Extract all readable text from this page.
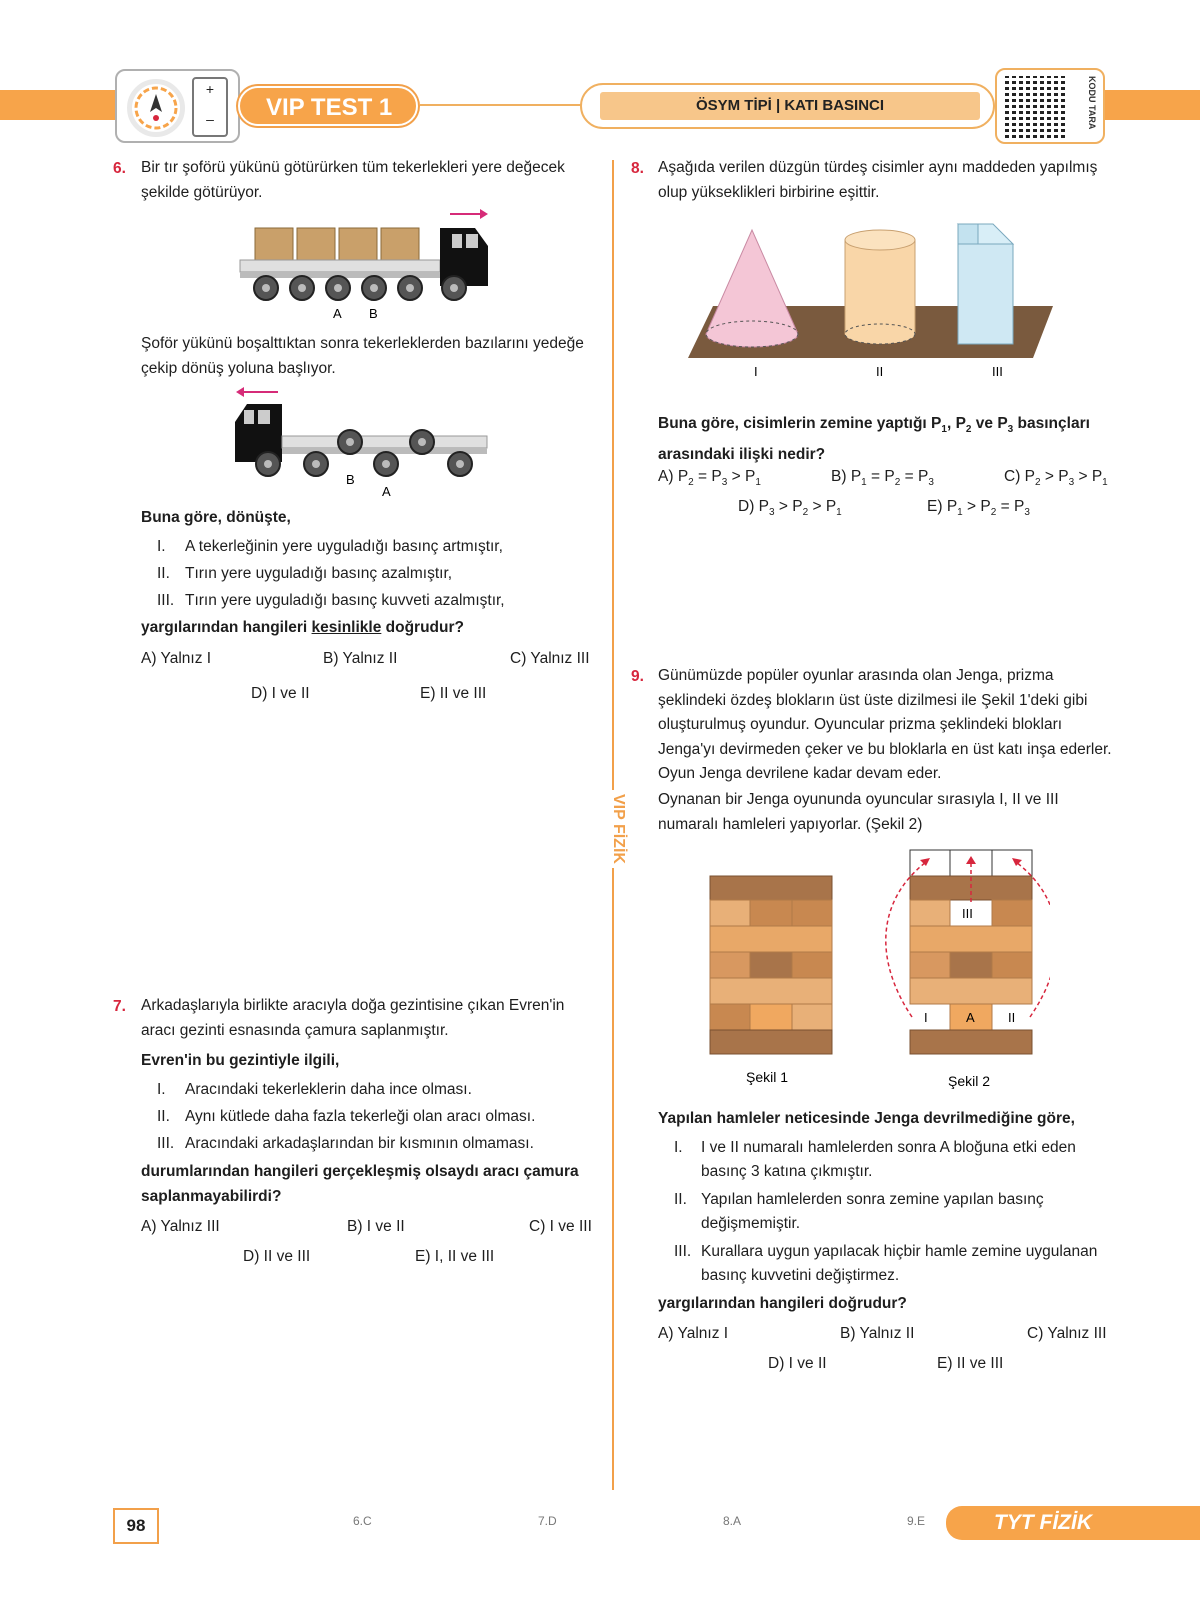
+
–	VIP TEST 1	ÖSYM TİPİ | KATI BASINCI	KODU TARA
VIP FİZİK
6. Bir tır şoförü yükünü götürürken tüm tekerlekleri yere değecek şekilde götürüyor.
A B
Şoför yükünü boşalttıktan sonra tekerleklerden bazılarını yedeğe çekip dönüş yoluna başlıyor.
B
A
Buna göre, dönüşte,
I. A tekerleğinin yere uyguladığı basınç artmıştır,
II. Tırın yere uyguladığı basınç azalmıştır,
III. Tırın yere uyguladığı basınç kuvveti azalmıştır,
yargılarından hangileri kesinlikle doğrudur?
A) Yalnız I	B) Yalnız II	C) Yalnız III
D) I ve II	E) II ve III
7. Arkadaşlarıyla birlikte aracıyla doğa gezintisine çıkan Evren'in aracı gezinti esnasında çamura saplanmıştır.
Evren'in bu gezintiyle ilgili,
I. Aracındaki tekerleklerin daha ince olması.
II. Aynı kütlede daha fazla tekerleği olan aracı olması.
III. Aracındaki arkadaşlarından bir kısmının olmaması.
durumlarından hangileri gerçekleşmiş olsaydı aracı çamura saplanmayabilirdi?
A) Yalnız III	B) I ve II	C) I ve III
D) II ve III	E) I, II ve III
8. Aşağıda verilen düzgün türdeş cisimler aynı maddeden yapılmış olup yükseklikleri birbirine eşittir.
I	II	III
Buna göre, cisimlerin zemine yaptığı $P_1$, $P_2$ ve $P_3$ basınçları arasındaki ilişki nedir?
A) $P_2 = P_3 > P_1$	B) $P_1 = P_2 = P_3$	C) $P_2 > P_3 > P_1$
D) $P_3 > P_2 > P_1$	E) $P_1 > P_2 = P_3$
9. Günümüzde popüler oyunlar arasında olan Jenga, prizma şeklindeki özdeş blokların üst üste dizilmesi ile Şekil 1'deki gibi oluşturulmuş oyundur. Oyuncular prizma şeklindeki blokları Jenga'yı devirmeden çeker ve bu bloklarla en üst katı inşa ederler. Oyun Jenga devrilene kadar devam eder.
Oynanan bir Jenga oyununda oyuncular sırasıyla I, II ve III numaralı hamleleri yapıyorlar. (Şekil 2)
III
I	A	II
Şekil 1	Şekil 2
Yapılan hamleler neticesinde Jenga devrilmediğine göre,
I. I ve II numaralı hamlelerden sonra A bloğuna etki eden basınç 3 katına çıkmıştır.
II. Yapılan hamlelerden sonra zemine yapılan basınç değişmemiştir.
III. Kurallara uygun yapılacak hiçbir hamle zemine uygulanan basınç kuvvetini değiştirmez.
yargılarından hangileri doğrudur?
A) Yalnız I	B) Yalnız II	C) Yalnız III
D) I ve II	E) II ve III
98	6.C	7.D	8.A	9.E	TYT FİZİK
